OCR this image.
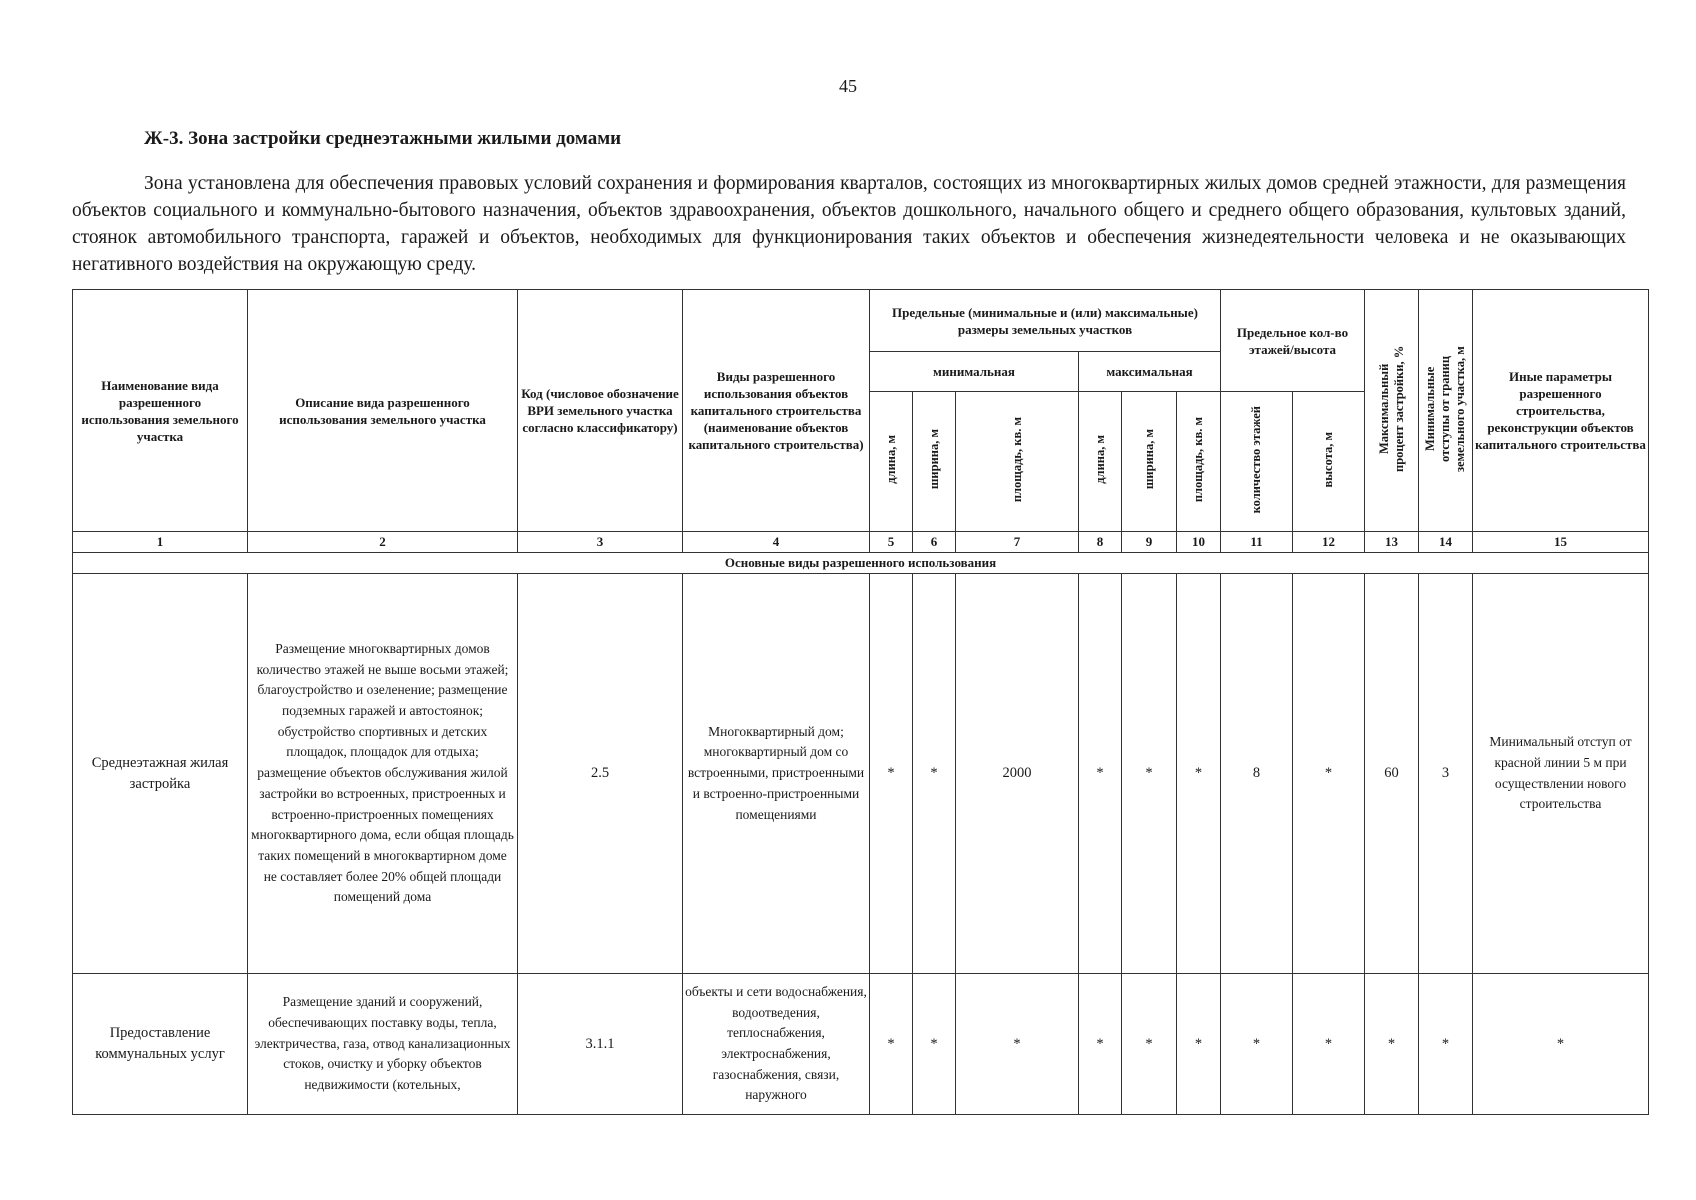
45
Ж-3. Зона застройки среднеэтажными жилыми домами

Зона установлена для обеспечения правовых условий сохранения и формирования кварталов, состоящих из многоквартирных жилых домов средней этажности, для размещения объектов социального и коммунально-бытового назначения, объектов здравоохранения, объектов дошкольного, начального общего и среднего общего образования, культовых зданий, стоянок автомобильного транспорта, гаражей и объектов, необходимых для функционирования таких объектов и обеспечения жизнедеятельности человека и не оказывающих негативного воздействия на окружающую среду.

Наименование вида разрешенного использования земельного участка	Описание вида разрешенного использования земельного участка	Код (числовое обозначение ВРИ земельного участка согласно классификатору)	Виды разрешенного использования объектов капитального строительства (наименование объектов капитального строительства)	Предельные (минимальные и (или) максимальные) размеры земельных участков						Предельное кол-во этажей/высота		Максимальный процент застройки, %	Минимальные отступы от границ земельного участка, м	Иные параметры разрешенного строительства, реконструкции объектов капитального строительства
				минимальная			максимальная							
				длина, м	ширина, м	площадь, кв. м	длина, м	ширина, м	площадь, кв. м	количество этажей	высота, м			
1	2	3	4	5	6	7	8	9	10	11	12	13	14	15
Основные виды разрешенного использования														
Среднеэтажная жилая застройка	Размещение многоквартирных домов количество этажей не выше восьми этажей; благоустройство и озеленение; размещение подземных гаражей и автостоянок; обустройство спортивных и детских площадок, площадок для отдыха; размещение объектов обслуживания жилой застройки во встроенных, пристроенных и встроенно-пристроенных помещениях многоквартирного дома, если общая площадь таких помещений в многоквартирном доме не составляет более 20% общей площади помещений дома	2.5	Многоквартирный дом; многоквартирный дом со встроенными, пристроенными и встроенно-пристроенными помещениями	*	*	2000	*	*	*	8	*	60	3	Минимальный отступ от красной линии 5 м при осуществлении нового строительства
Предоставление коммунальных услуг	Размещение зданий и сооружений, обеспечивающих поставку воды, тепла, электричества, газа, отвод канализационных стоков, очистку и уборку объектов недвижимости (котельных,	3.1.1	объекты и сети водоснабжения, водоотведения, теплоснабжения, электроснабжения, газоснабжения, связи, наружного	*	*	*	*	*	*	*	*	*	*	*
